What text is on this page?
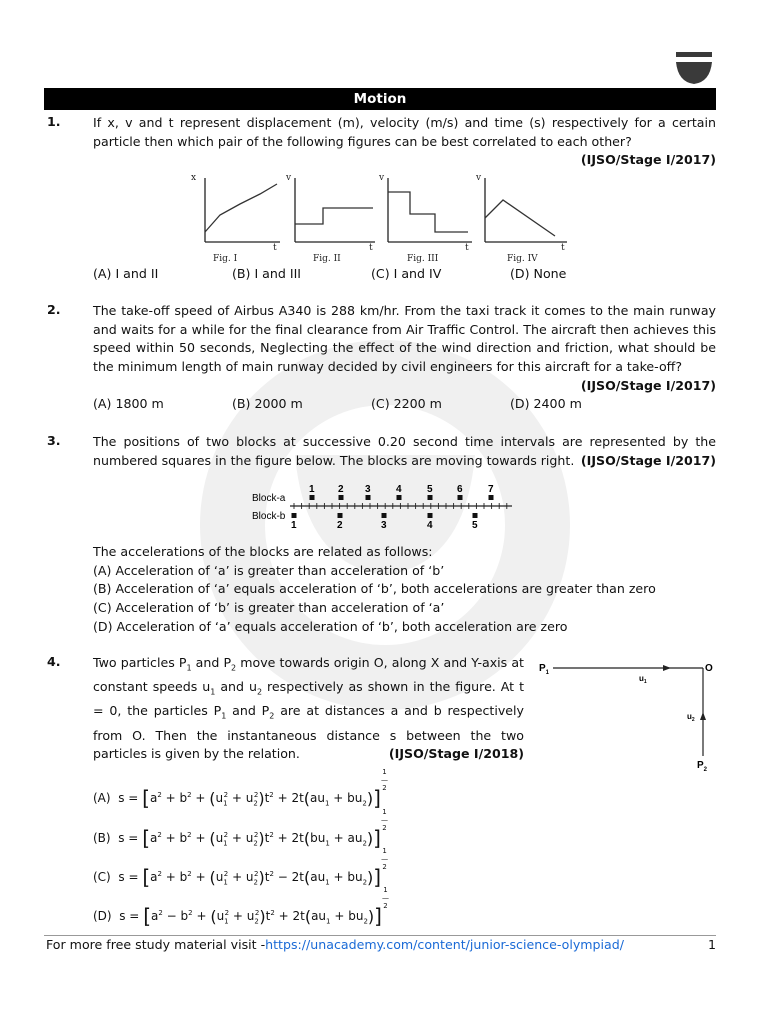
Motion
1.	If x, v and t represent displacement (m), velocity (m/s) and time (s) respectively for a certain particle then which pair of the following figures can be best correlated to each other?
(IJSO/Stage I/2017)
x
t
Fig. I
v
t
Fig. II
v
t
Fig. III
v
t
Fig. IV
(A) I and II	(B) I and III	(C) I and IV	(D) None
2.	The take-off speed of Airbus A340 is 288 km/hr. From the taxi track it comes to the main runway and waits for a while for the final clearance from Air Traffic Control. The aircraft then achieves this speed within 50 seconds, Neglecting the effect of the wind direction and friction, what should be the minimum length of main runway decided by civil engineers for this aircraft for a take-off?
(IJSO/Stage I/2017)
(A) 1800 m	(B) 2000 m	(C) 2200 m	(D) 2400 m
3.	The positions of two blocks at successive 0.20 second time intervals are represented by the numbered squares in the figure below. The blocks are moving towards right. (IJSO/Stage I/2017)
Block-a
Block-b
1 2 3	4	5 6	7
1	2	3	4	5
The accelerations of the blocks are related as follows:
(A) Acceleration of ‘a’ is greater than acceleration of ‘b’
(B) Acceleration of ‘a’ equals acceleration of ‘b’, both accelerations are greater than zero
(C) Acceleration of ‘b’ is greater than acceleration of ‘a’
(D) Acceleration of ‘a’ equals acceleration of ‘b’, both acceleration are zero
4.	Two particles $P_1$ and $P_2$ move towards origin O, along X and Y-axis at constant speeds $u_1$ and $u_2$ respectively as shown in the figure. At t = 0, the particles $P_1$ and $P_2$ are at distances a and b respectively from O. Then the instantaneous distance s between the two particles is given by the relation.	(IJSO/Stage I/2018)
$P_1$	O
$u_1$
$u_2$
$P_2$
(A)  $s = [a^2 + b^2 + (u_1^2 + u_2^2)t^2 + 2t(au_1 + bu_2)]1$
—
2
(B)  $s = [a^2 + b^2 + (u_1^2 + u_2^2)t^2 + 2t(bu_1 + au_2)]1$
—
2
(C)  $s = [a^2 + b^2 + (u_1^2 + u_2^2)t^2 - 2t(au_1 + bu_2)]1$
—
2
(D)  $s = [a^2 - b^2 + (u_1^2 + u_2^2)t^2 + 2t(au_1 + bu_2)]1$
—
2
For more free study material visit -https://unacademy.com/content/junior-science-olympiad/	1
